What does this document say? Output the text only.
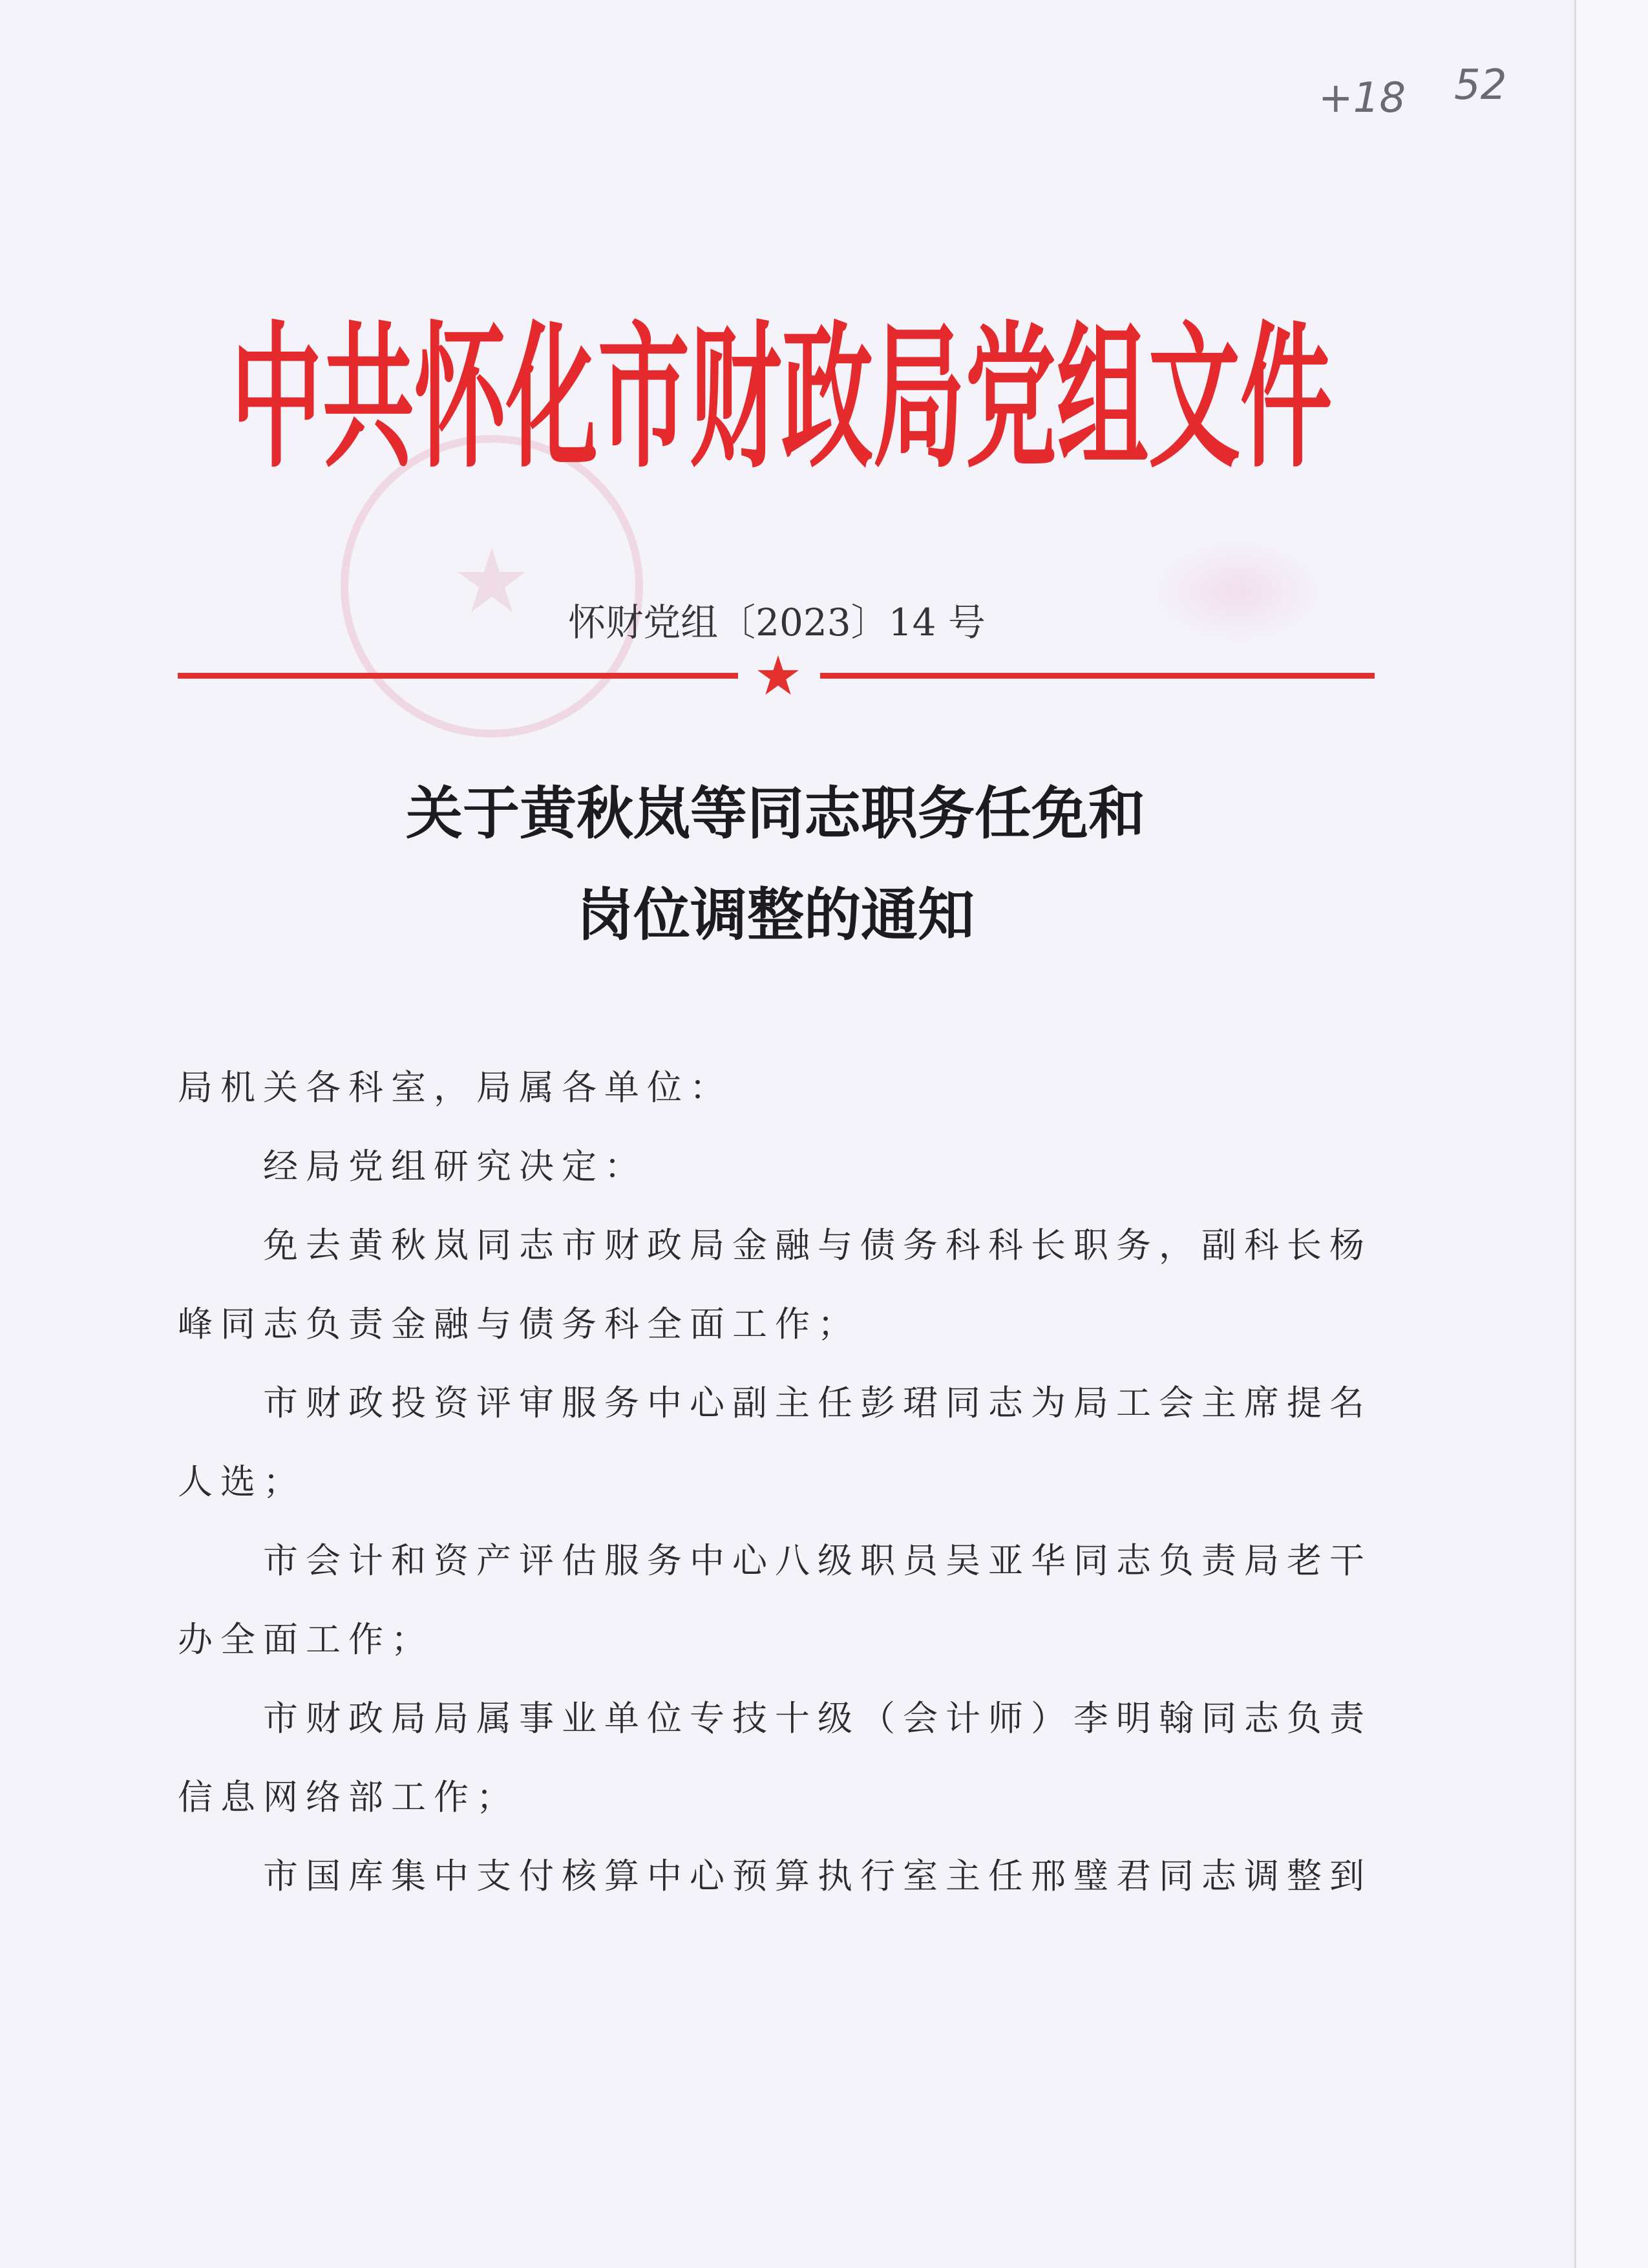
+18 52
中共怀化市财政局党组文件
怀财党组〔2023〕14 号
关于黄秋岚等同志职务任免和
岗位调整的通知

局机关各科室，局属各单位：

经局党组研究决定：

免去黄秋岚同志市财政局金融与债务科科长职务，副科长杨峰同志负责金融与债务科全面工作；

市财政投资评审服务中心副主任彭珺同志为局工会主席提名人选；

市会计和资产评估服务中心八级职员吴亚华同志负责局老干办全面工作；

市财政局局属事业单位专技十级（会计师）李明翰同志负责信息网络部工作；

市国库集中支付核算中心预算执行室主任邢璧君同志调整到
